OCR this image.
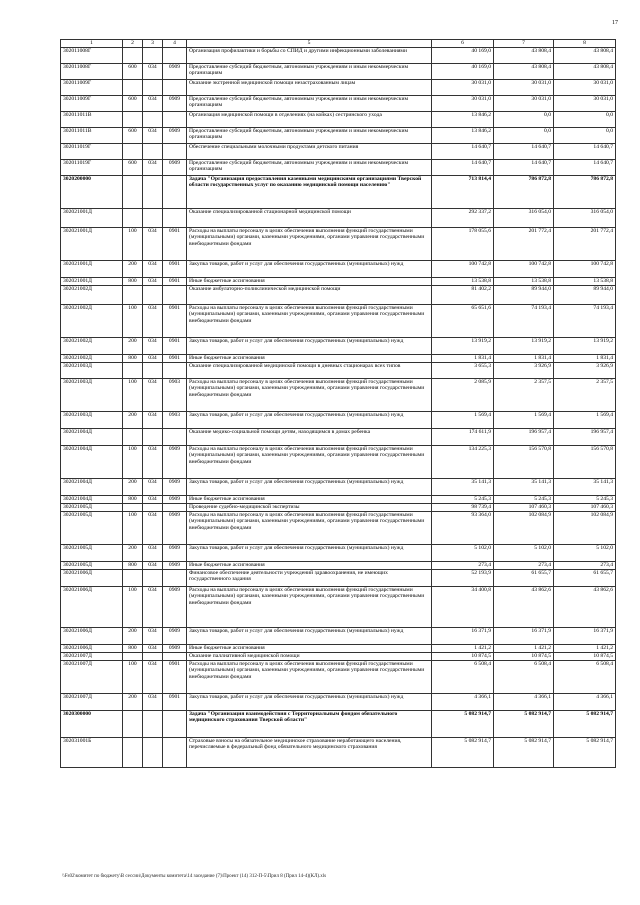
17
1	2	3	4	5	6	7	8
302011008Г				Организация профилактики и борьбы со СПИД и другими инфекционными заболеваниями	40 169,0	43 808,4	43 808,4
302011008Г	600	034	0909	Предоставление субсидий бюджетным, автономным учреждениям и иным некоммерческим организациям	40 169,0	43 808,4	43 808,4
302011009Г				Оказание экстренной медицинской помощи незастрахованным лицам	30 031,0	30 031,0	30 031,0
302011009Г	600	034	0909	Предоставление субсидий бюджетным, автономным учреждениям и иным некоммерческим организациям	30 031,0	30 031,0	30 031,0
302011011В				Организация медицинской помощи в отделениях (на койках) сестринского ухода	13 846,2	0,0	0,0
302011011В	600	034	0909	Предоставление субсидий бюджетным, автономным учреждениям и иным некоммерческим организациям	13 846,2	0,0	0,0
302011019Г				Обеспечение специальными молочными продуктами детского питания	14 640,7	14 640,7	14 640,7
302011019Г	600	034	0909	Предоставление субсидий бюджетным, автономным учреждениям и иным некоммерческим организациям	14 640,7	14 640,7	14 640,7
3020200000				Задача "Организация предоставления казенными медицинскими организациями Тверской области государственных услуг по оказанию медицинской помощи населению"	713 814,4	786 872,8	786 872,8
302021001Д				Оказание специализированной стационарной медицинской помощи	292 337,2	316 054,0	316 054,0
302021001Д	100	034	0901	Расходы на выплаты персоналу в целях обеспечения выполнения функций государственными (муниципальными) органами, казенными учреждениями, органами управления государственными внебюджетными фондами	178 055,6	201 772,4	201 772,4
302021001Д	200	034	0901	Закупка товаров, работ и услуг для обеспечения государственных (муниципальных) нужд	100 742,8	100 742,8	100 742,8
302021001Д	800	034	0901	Иные бюджетные ассигнования	13 538,8	13 538,8	13 538,8
302021002Д				Оказание амбулаторно-поликлинической медицинской помощи	81 402,2	89 944,0	89 944,0
302021002Д	100	034	0901	Расходы на выплаты персоналу в целях обеспечения выполнения функций государственными (муниципальными) органами, казенными учреждениями, органами управления государственными внебюджетными фондами	65 651,6	74 193,4	74 193,4
302021002Д	200	034	0901	Закупка товаров, работ и услуг для обеспечения государственных (муниципальных) нужд	13 919,2	13 919,2	13 919,2
302021002Д	800	034	0901	Иные бюджетные ассигнования	1 831,4	1 831,4	1 831,4
302021003Д				Оказание специализированной медицинской помощи в дневных стационарах всех типов	3 655,3	3 926,9	3 926,9
302021003Д	100	034	0903	Расходы на выплаты персоналу в целях обеспечения выполнения функций государственными (муниципальными) органами, казенными учреждениями, органами управления государственными внебюджетными фондами	2 085,9	2 357,5	2 357,5
302021003Д	200	034	0903	Закупка товаров, работ и услуг для обеспечения государственных (муниципальных) нужд	1 569,4	1 569,4	1 569,4
302021004Д				Оказание медико-социальной помощи детям, находящимся в домах ребенка	174 611,9	196 957,4	196 957,4
302021004Д	100	034	0909	Расходы на выплаты персоналу в целях обеспечения выполнения функций государственными (муниципальными) органами, казенными учреждениями, органами управления государственными внебюджетными фондами	134 225,3	156 570,8	156 570,8
302021004Д	200	034	0909	Закупка товаров, работ и услуг для обеспечения государственных (муниципальных) нужд	35 141,3	35 141,3	35 141,3
302021004Д	800	034	0909	Иные бюджетные ассигнования	5 245,3	5 245,3	5 245,3
302021005Д				Проведение судебно-медицинской экспертизы	98 739,4	107 460,3	107 460,3
302021005Д	100	034	0909	Расходы на выплаты персоналу в целях обеспечения выполнения функций государственными (муниципальными) органами, казенными учреждениями, органами управления государственными внебюджетными фондами	93 364,0	102 084,9	102 084,9
302021005Д	200	034	0909	Закупка товаров, работ и услуг для обеспечения государственных (муниципальных) нужд	5 102,0	5 102,0	5 102,0
302021005Д	800	034	0909	Иные бюджетные ассигнования	273,4	273,4	273,4
302021006Д				Финансовое обеспечение деятельности учреждений здравоохранения, не имеющих государственного задания	52 193,9	61 655,7	61 655,7
302021006Д	100	034	0909	Расходы на выплаты персоналу в целях обеспечения выполнения функций государственными (муниципальными) органами, казенными учреждениями, органами управления государственными внебюджетными фондами	34 400,8	43 862,6	43 862,6
302021006Д	200	034	0909	Закупка товаров, работ и услуг для обеспечения государственных (муниципальных) нужд	16 371,9	16 371,9	16 371,9
302021006Д	800	034	0909	Иные бюджетные ассигнования	1 421,2	1 421,2	1 421,2
302021007Д				Оказание паллиативной медицинской помощи	10 874,5	10 874,5	10 874,5
302021007Д	100	034	0901	Расходы на выплаты персоналу в целях обеспечения выполнения функций государственными (муниципальными) органами, казенными учреждениями, органами управления государственными внебюджетными фондами	6 508,4	6 508,4	6 508,4
302021007Д	200	034	0901	Закупка товаров, работ и услуг для обеспечения государственных (муниципальных) нужд	4 366,1	4 366,1	4 366,1
3020300000				Задача "Организация взаимодействия с Территориальным фондом обязательного медицинского страхования Тверской области"	5 082 914,7	5 082 914,7	5 082 914,7
302031001Б				Страховые взносы на обязательное медицинское страхование неработающего населения, перечисляемые в федеральный фонд обязательного медицинского страхования	5 082 914,7	5 082 914,7	5 082 914,7
\\Fs02\комитет по бюджету\В сессии\Документы комитета\14 заседание (7)\Проект (14) 312-П-5\Прил 8 (Прил 14-4)(КЛ).xls
